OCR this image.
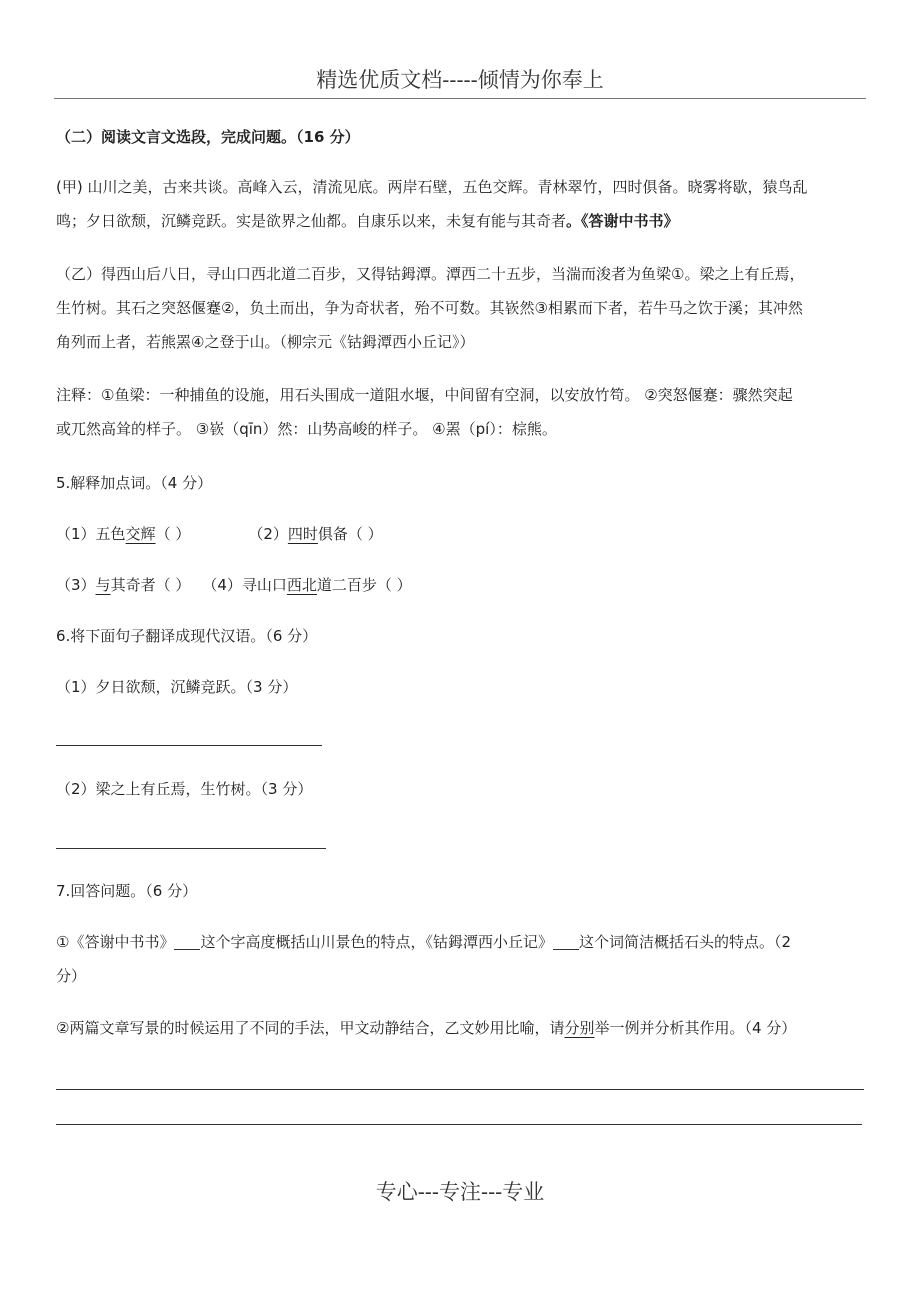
精选优质文档-----倾情为你奉上
（二）阅读文言文选段，完成问题。（16 分）

(甲) 山川之美，古来共谈。高峰入云，清流见底。两岸石壁，五色交辉。青林翠竹，四时俱备。晓雾将歇，猿鸟乱

鸣；夕日欲颓，沉鳞竞跃。实是欲界之仙都。自康乐以来，未复有能与其奇者。《答谢中书书》

（乙）得西山后八日，寻山口西北道二百步，又得钴鉧潭。潭西二十五步，当湍而浚者为鱼梁①。梁之上有丘焉，

生竹树。其石之突怒偃蹇②，负土而出，争为奇状者，殆不可数。其嵚然③相累而下者，若牛马之饮于溪；其冲然

角列而上者，若熊罴④之登于山。（柳宗元《钴鉧潭西小丘记》）

注释：①鱼梁：一种捕鱼的设施，用石头围成一道阻水堰，中间留有空洞，以安放竹笱。 ②突怒偃蹇：骤然突起

或兀然高耸的样子。 ③嵚（qīn）然：山势高峻的样子。 ④罴（pí）：棕熊。

5.解释加点词。（4 分）
（1）五色交辉（ ）	（2）四时俱备（ ）
（3）与其奇者（ ） （4）寻山口西北道二百步（ ）
6.将下面句子翻译成现代汉语。（6 分）
（1）夕日欲颓，沉鳞竞跃。（3 分）
（2）梁之上有丘焉，生竹树。（3 分）
7.回答问题。（6 分）

①《答谢中书书》 这个字高度概括山川景色的特点，《钴鉧潭西小丘记》 这个词简洁概括石头的特点。（2

分）

②两篇文章写景的时候运用了不同的手法，甲文动静结合，乙文妙用比喻，请分别举一例并分析其作用。（4 分）
专心---专注---专业
